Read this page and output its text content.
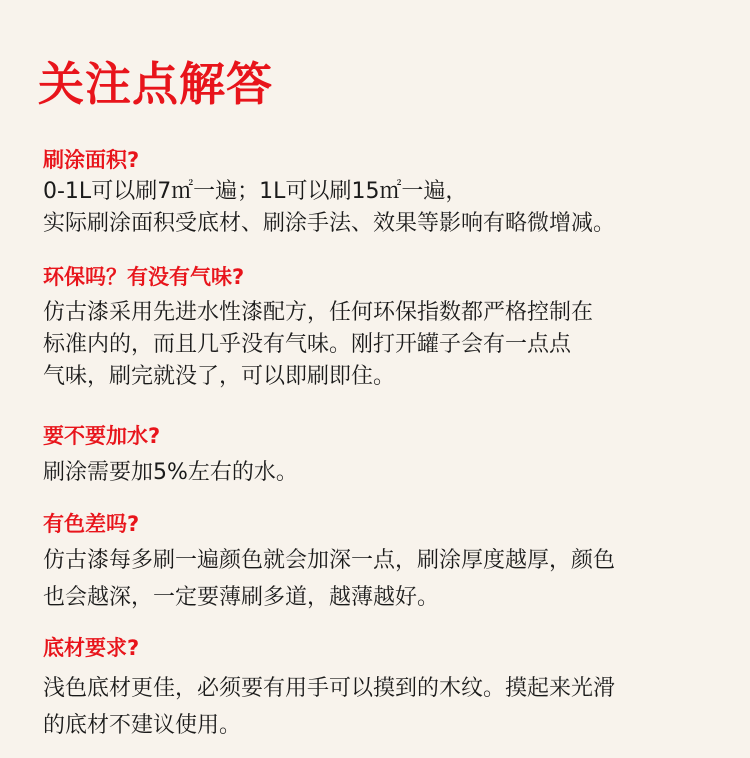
关注点解答
刷涂面积?
0-1L可以刷7㎡一遍；1L可以刷15㎡一遍，
实际刷涂面积受底材、刷涂手法、效果等影响有略微增减。
环保吗？有没有气味?
仿古漆采用先进水性漆配方，任何环保指数都严格控制在
标准内的，而且几乎没有气味。刚打开罐子会有一点点
气味，刷完就没了，可以即刷即住。
要不要加水?
刷涂需要加5%左右的水。
有色差吗?
仿古漆每多刷一遍颜色就会加深一点，刷涂厚度越厚，颜色
也会越深，一定要薄刷多道，越薄越好。
底材要求?
浅色底材更佳，必须要有用手可以摸到的木纹。摸起来光滑
的底材不建议使用。
